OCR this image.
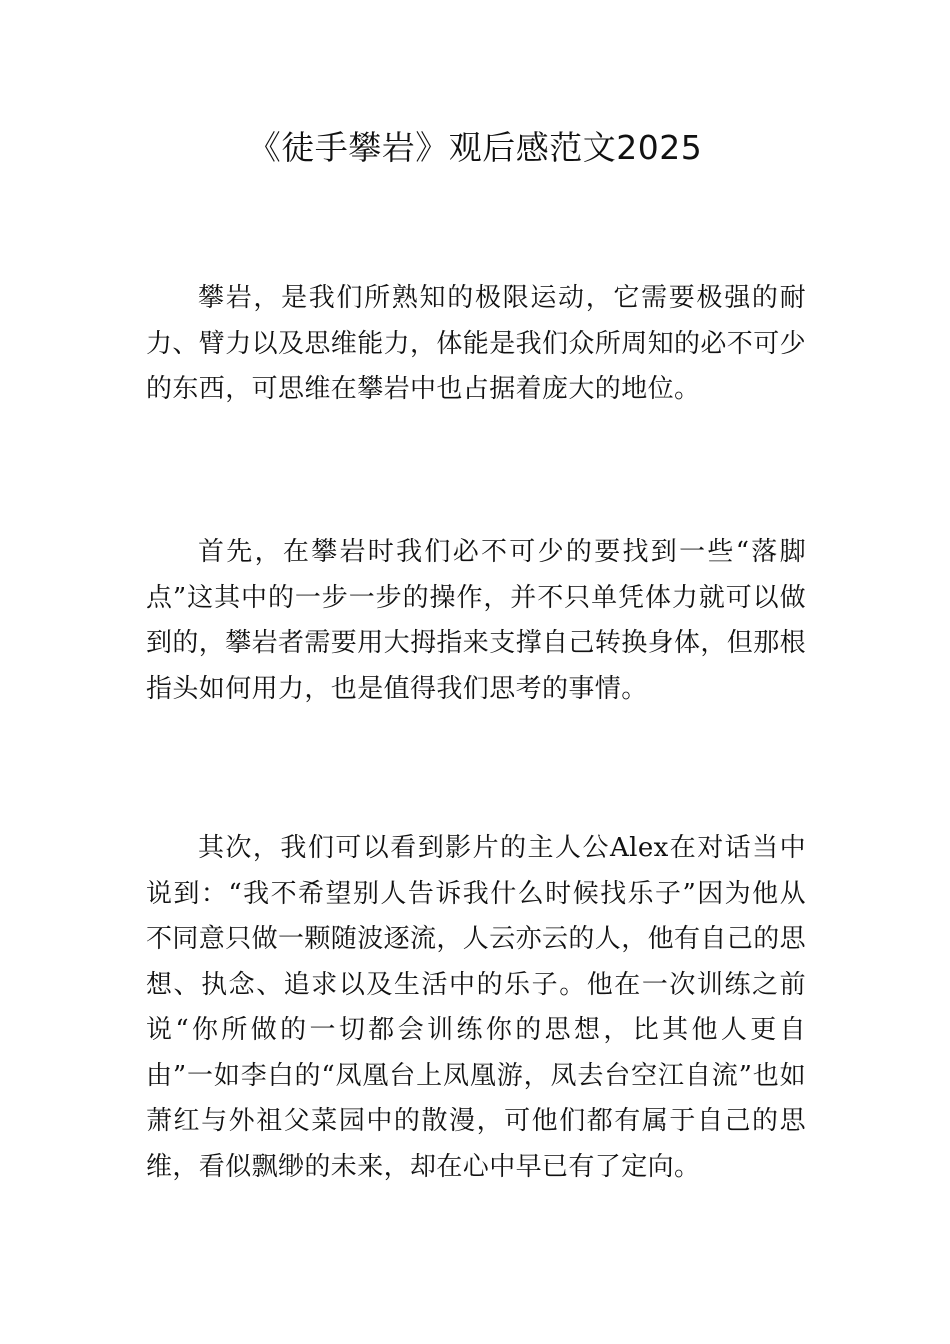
《徒手攀岩》观后感范文2025

攀岩，是我们所熟知的极限运动，它需要极强的耐力、臂力以及思维能力，体能是我们众所周知的必不可少的东西，可思维在攀岩中也占据着庞大的地位。

首先，在攀岩时我们必不可少的要找到一些“落脚点”这其中的一步一步的操作，并不只单凭体力就可以做到的，攀岩者需要用大拇指来支撑自己转换身体，但那根指头如何用力，也是值得我们思考的事情。

其次，我们可以看到影片的主人公Alex在对话当中说到：“我不希望别人告诉我什么时候找乐子”因为他从不同意只做一颗随波逐流，人云亦云的人，他有自己的思想、执念、追求以及生活中的乐子。他在一次训练之前说“你所做的一切都会训练你的思想，比其他人更自由”一如李白的“凤凰台上凤凰游，凤去台空江自流”也如萧红与外祖父菜园中的散漫，可他们都有属于自己的思维，看似飘缈的未来，却在心中早已有了定向。
